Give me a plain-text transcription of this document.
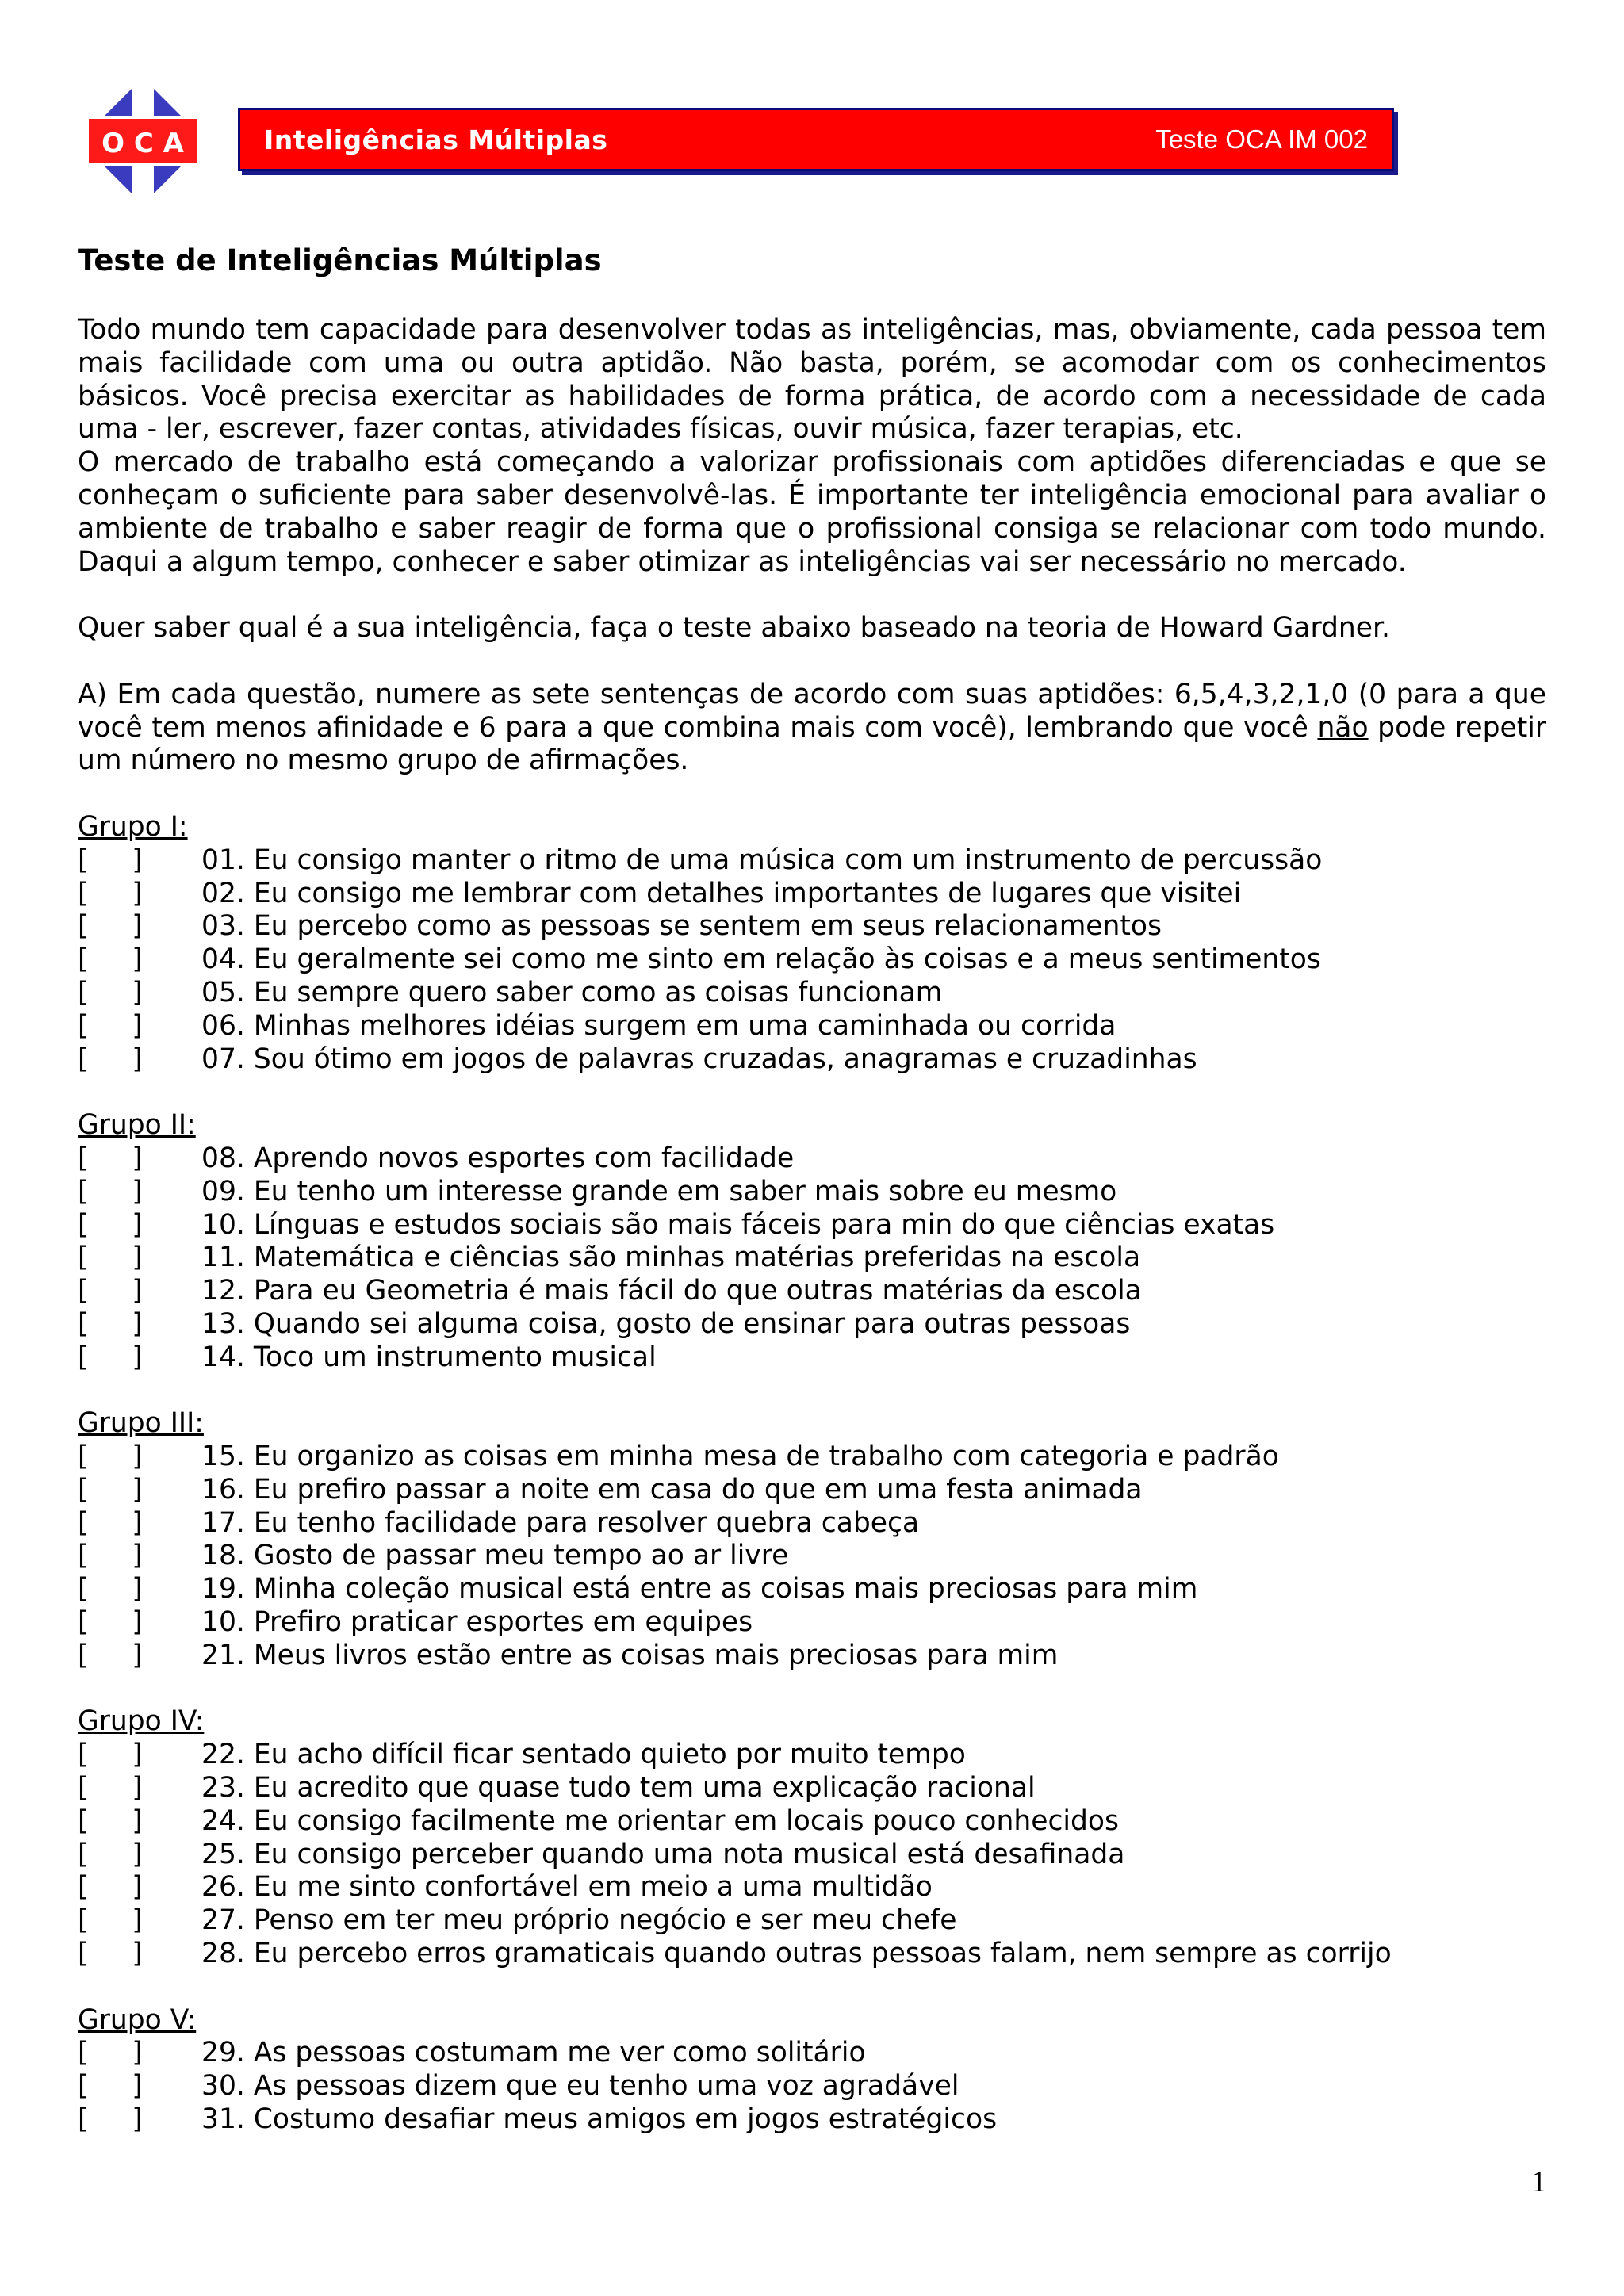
O C A	Inteligências Múltiplas	Teste OCA IM 002
Teste de Inteligências Múltiplas

Todo mundo tem capacidade para desenvolver todas as inteligências, mas, obviamente, cada pessoa tem mais facilidade com uma ou outra aptidão. Não basta, porém, se acomodar com os conhecimentos básicos. Você precisa exercitar as habilidades de forma prática, de acordo com a necessidade de cada uma - ler, escrever, fazer contas, atividades físicas, ouvir música, fazer terapias, etc.

O mercado de trabalho está começando a valorizar profissionais com aptidões diferenciadas e que se conheçam o suficiente para saber desenvolvê-las. É importante ter inteligência emocional para avaliar o ambiente de trabalho e saber reagir de forma que o profissional consiga se relacionar com todo mundo. Daqui a algum tempo, conhecer e saber otimizar as inteligências vai ser necessário no mercado.

Quer saber qual é a sua inteligência, faça o teste abaixo baseado na teoria de Howard Gardner.

A) Em cada questão, numere as sete sentenças de acordo com suas aptidões: 6,5,4,3,2,1,0 (0 para a que você tem menos afinidade e 6 para a que combina mais com você), lembrando que você não pode repetir um número no mesmo grupo de afirmações.

Grupo I:

[     ]	01. Eu consigo manter o ritmo de uma música com um instrumento de percussão
[     ]	02. Eu consigo me lembrar com detalhes importantes de lugares que visitei
[     ]	03. Eu percebo como as pessoas se sentem em seus relacionamentos
[     ]	04. Eu geralmente sei como me sinto em relação às coisas e a meus sentimentos
[     ]	05. Eu sempre quero saber como as coisas funcionam
[     ]	06. Minhas melhores idéias surgem em uma caminhada ou corrida
[     ]	07. Sou ótimo em jogos de palavras cruzadas, anagramas e cruzadinhas

Grupo II:

[     ]	08. Aprendo novos esportes com facilidade
[     ]	09. Eu tenho um interesse grande em saber mais sobre eu mesmo
[     ]	10. Línguas e estudos sociais são mais fáceis para min do que ciências exatas
[     ]	11. Matemática e ciências são minhas matérias preferidas na escola
[     ]	12. Para eu Geometria é mais fácil do que outras matérias da escola
[     ]	13. Quando sei alguma coisa, gosto de ensinar para outras pessoas
[     ]	14. Toco um instrumento musical

Grupo III:

[     ]	15. Eu organizo as coisas em minha mesa de trabalho com categoria e padrão
[     ]	16. Eu prefiro passar a noite em casa do que em uma festa animada
[     ]	17. Eu tenho facilidade para resolver quebra cabeça
[     ]	18. Gosto de passar meu tempo ao ar livre
[     ]	19. Minha coleção musical está entre as coisas mais preciosas para mim
[     ]	10. Prefiro praticar esportes em equipes
[     ]	21. Meus livros estão entre as coisas mais preciosas para mim

Grupo IV:

[     ]	22. Eu acho difícil ficar sentado quieto por muito tempo
[     ]	23. Eu acredito que quase tudo tem uma explicação racional
[     ]	24. Eu consigo facilmente me orientar em locais pouco conhecidos
[     ]	25. Eu consigo perceber quando uma nota musical está desafinada
[     ]	26. Eu me sinto confortável em meio a uma multidão
[     ]	27. Penso em ter meu próprio negócio e ser meu chefe
[     ]	28. Eu percebo erros gramaticais quando outras pessoas falam, nem sempre as corrijo

Grupo V:

[     ]	29. As pessoas costumam me ver como solitário
[     ]	30. As pessoas dizem que eu tenho uma voz agradável
[     ]	31. Costumo desafiar meus amigos em jogos estratégicos
1
